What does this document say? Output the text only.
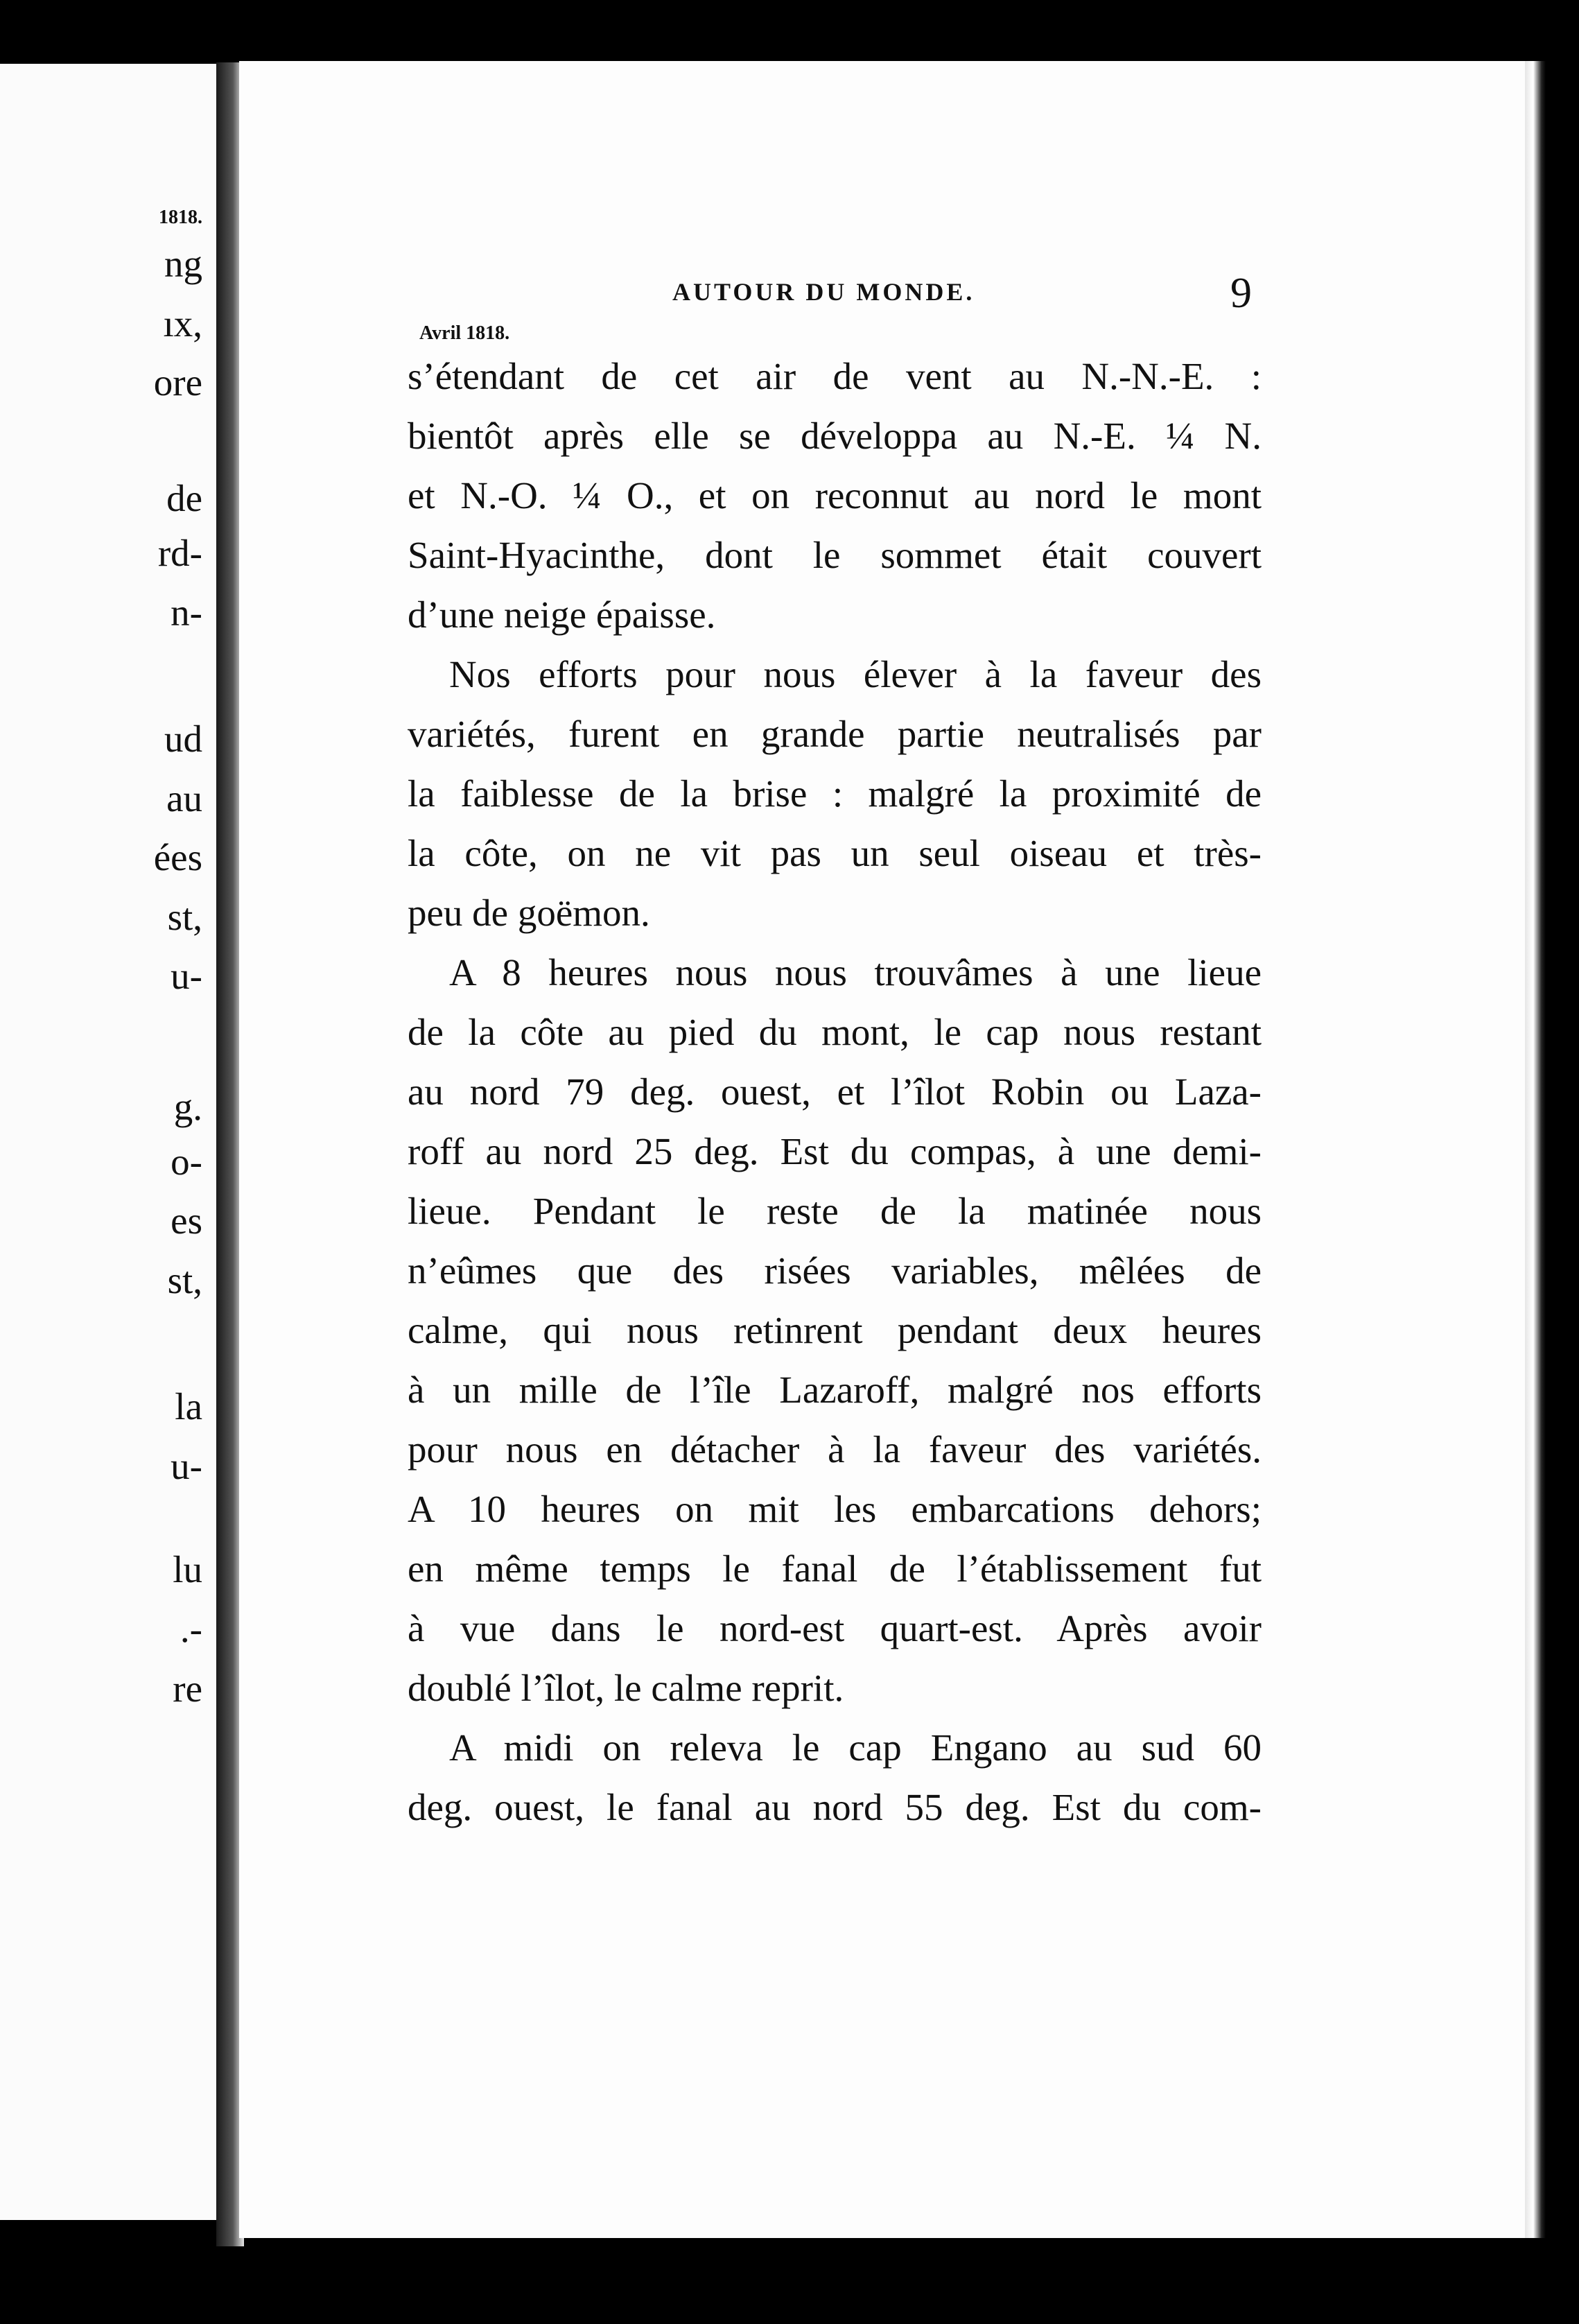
1818.
ng
ıx,
ore
de
rd-
n-
ud
au
ées
st,
u-
g.
o-
es
st,
la
u-
lu
.-
re
AUTOUR DU MONDE.	9
Avril 1818.
s’étendant de cet air de vent au N.-N.-E. :
bientôt après elle se développa au N.-E. ¼ N.
et N.-O. ¼ O., et on reconnut au nord le mont
Saint-Hyacinthe, dont le sommet était couvert
d’une neige épaisse.
Nos efforts pour nous élever à la faveur des
variétés, furent en grande partie neutralisés par
la faiblesse de la brise : malgré la proximité de
la côte, on ne vit pas un seul oiseau et très-
peu de goëmon.
A 8 heures nous nous trouvâmes à une lieue
de la côte au pied du mont, le cap nous restant
au nord 79 deg. ouest, et l’îlot Robin ou Laza-
roff au nord 25 deg. Est du compas, à une demi-
lieue. Pendant le reste de la matinée nous
n’eûmes que des risées variables, mêlées de
calme, qui nous retinrent pendant deux heures
à un mille de l’île Lazaroff, malgré nos efforts
pour nous en détacher à la faveur des variétés.
A 10 heures on mit les embarcations dehors;
en même temps le fanal de l’établissement fut
à vue dans le nord-est quart-est. Après avoir
doublé l’îlot, le calme reprit.
A midi on releva le cap Engano au sud 60
deg. ouest, le fanal au nord 55 deg. Est du com-
